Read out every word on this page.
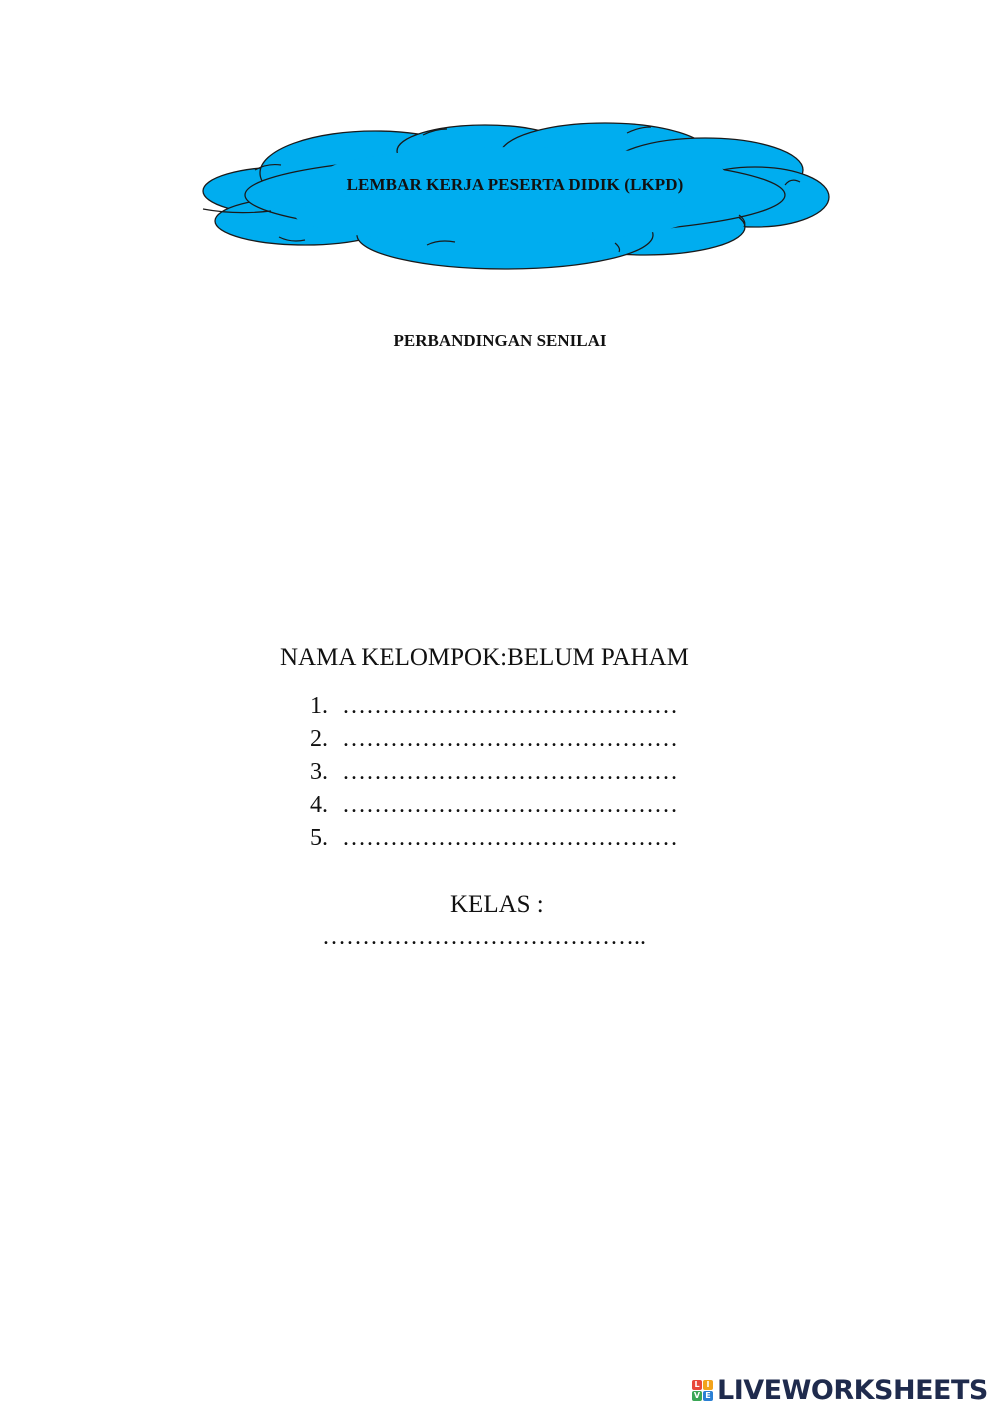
LEMBAR KERJA PESERTA DIDIK (LKPD)
PERBANDINGAN SENILAI
NAMA KELOMPOK:BELUM PAHAM
1. ……………………………………
2. ……………………………………
3. ……………………………………
4. ……………………………………
5. ……………………………………
KELAS :
…………………………………..
L I
V E LIVEWORKSHEETS
